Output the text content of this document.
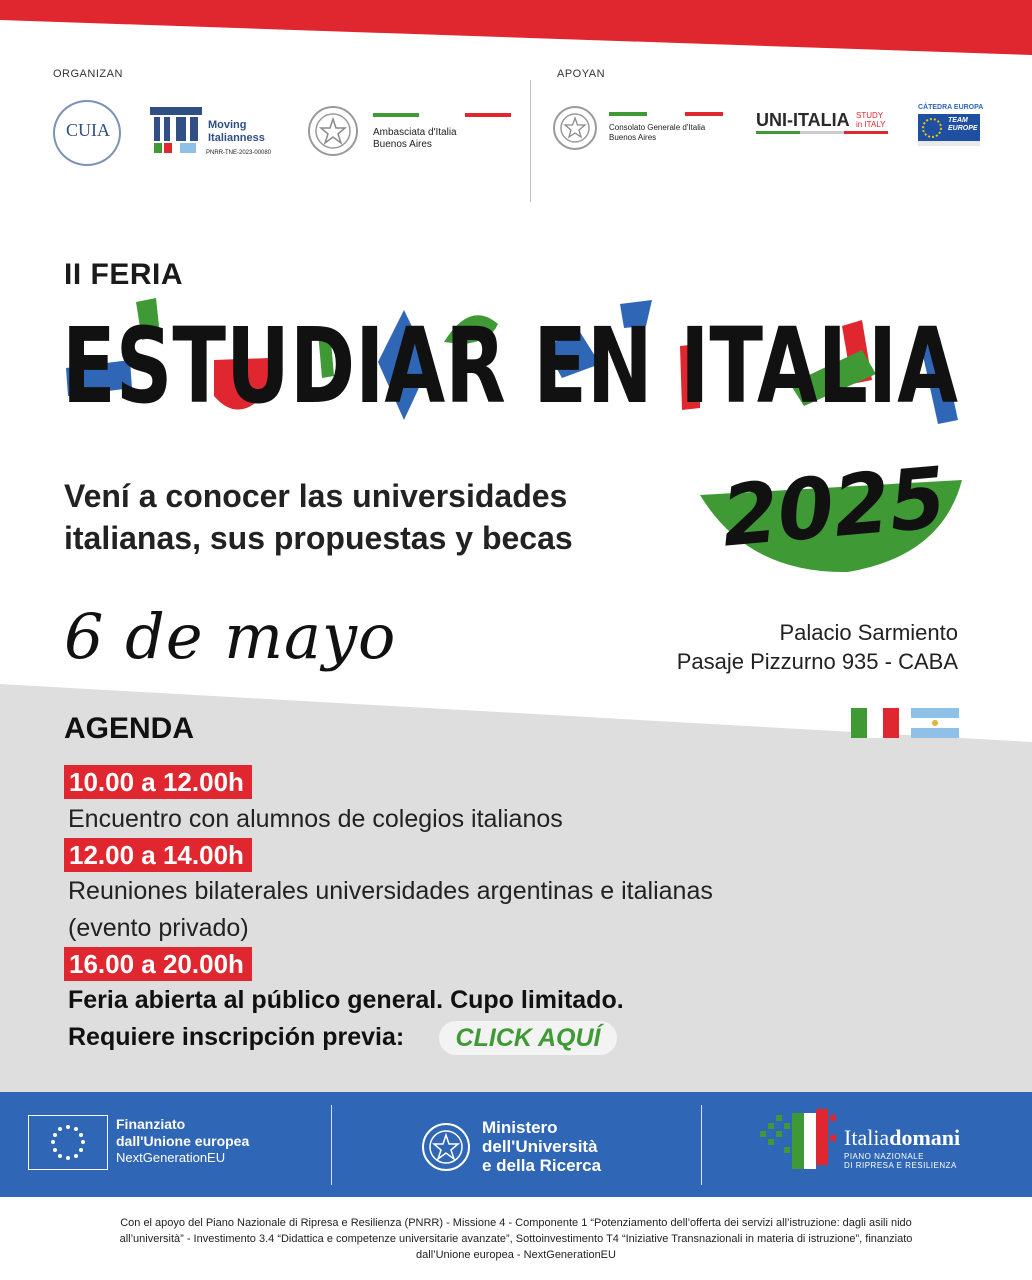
ORGANIZAN	APOYAN
CUIA	Moving
Italianness
PNRR-TNE-2023-00080
Ambasciata d'Italia
Buenos Aires
Consolato Generale d'Italia
Buenos Aires
UNI-ITALIA STUDY
in ITALY
CÁTEDRA EUROPA
TEAM
EUROPE
ARGENTINA
II FERIA
ESTUDIAR EN ITALIA
2025
Vení a conocer las universidades
italianas, sus propuestas y becas
6 de mayo	Palacio Sarmiento
Pasaje Pizzurno 935 - CABA
AGENDA
10.00 a 12.00h
Encuentro con alumnos de colegios italianos
12.00 a 14.00h
Reuniones bilaterales universidades argentinas e italianas
(evento privado)
16.00 a 20.00h
Feria abierta al público general. Cupo limitado.
Requiere inscripción previa:	CLICK AQUÍ
Finanziato
dall'Unione europea
NextGenerationEU
Ministero
dell'Università
e della Ricerca
Italiadomani
PIANO NAZIONALE
DI RIPRESA E RESILIENZA
Con el apoyo del Piano Nazionale di Ripresa e Resilienza (PNRR) - Missione 4 - Componente 1 “Potenziamento dell’offerta dei servizi all’istruzione: dagli asili nido all’università” - Investimento 3.4 “Didattica e competenze universitarie avanzate”, Sottoinvestimento T4 “Iniziative Transnazionali in materia di istruzione”, finanziato dall’Unione europea - NextGenerationEU
